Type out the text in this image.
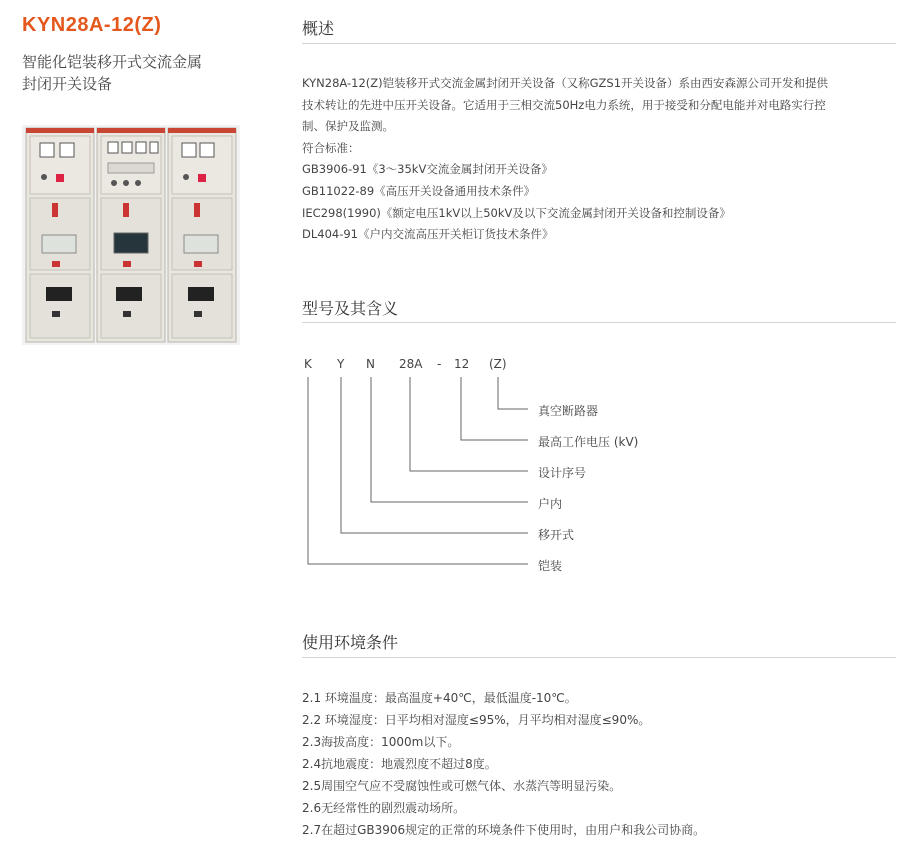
KYN28A-12(Z)
智能化铠装移开式交流金属
封闭开关设备
概述
KYN28A-12(Z)铠装移开式交流金属封闭开关设备（又称GZS1开关设备）系由西安森源公司开发和提供
技术转让的先进中压开关设备。它适用于三相交流50Hz电力系统，用于接受和分配电能并对电路实行控
制、保护及监测。
符合标准：
GB3906-91《3～35kV交流金属封闭开关设备》
GB11022-89《高压开关设备通用技术条件》
IEC298(1990)《额定电压1kV以上50kV及以下交流金属封闭开关设备和控制设备》
DL404-91《户内交流高压开关柜订货技术条件》
型号及其含义
K Y N 28A - 12 (Z)
真空断路器
最高工作电压 (kV)
设计序号
户内
移开式
铠装
使用环境条件
2.1 环境温度：最高温度+40℃，最低温度-10℃。
2.2 环境湿度：日平均相对湿度≤95%，月平均相对湿度≤90%。
2.3海拔高度：1000m以下。
2.4抗地震度：地震烈度不超过8度。
2.5周围空气应不受腐蚀性或可燃气体、水蒸汽等明显污染。
2.6无经常性的剧烈震动场所。
2.7在超过GB3906规定的正常的环境条件下使用时，由用户和我公司协商。
